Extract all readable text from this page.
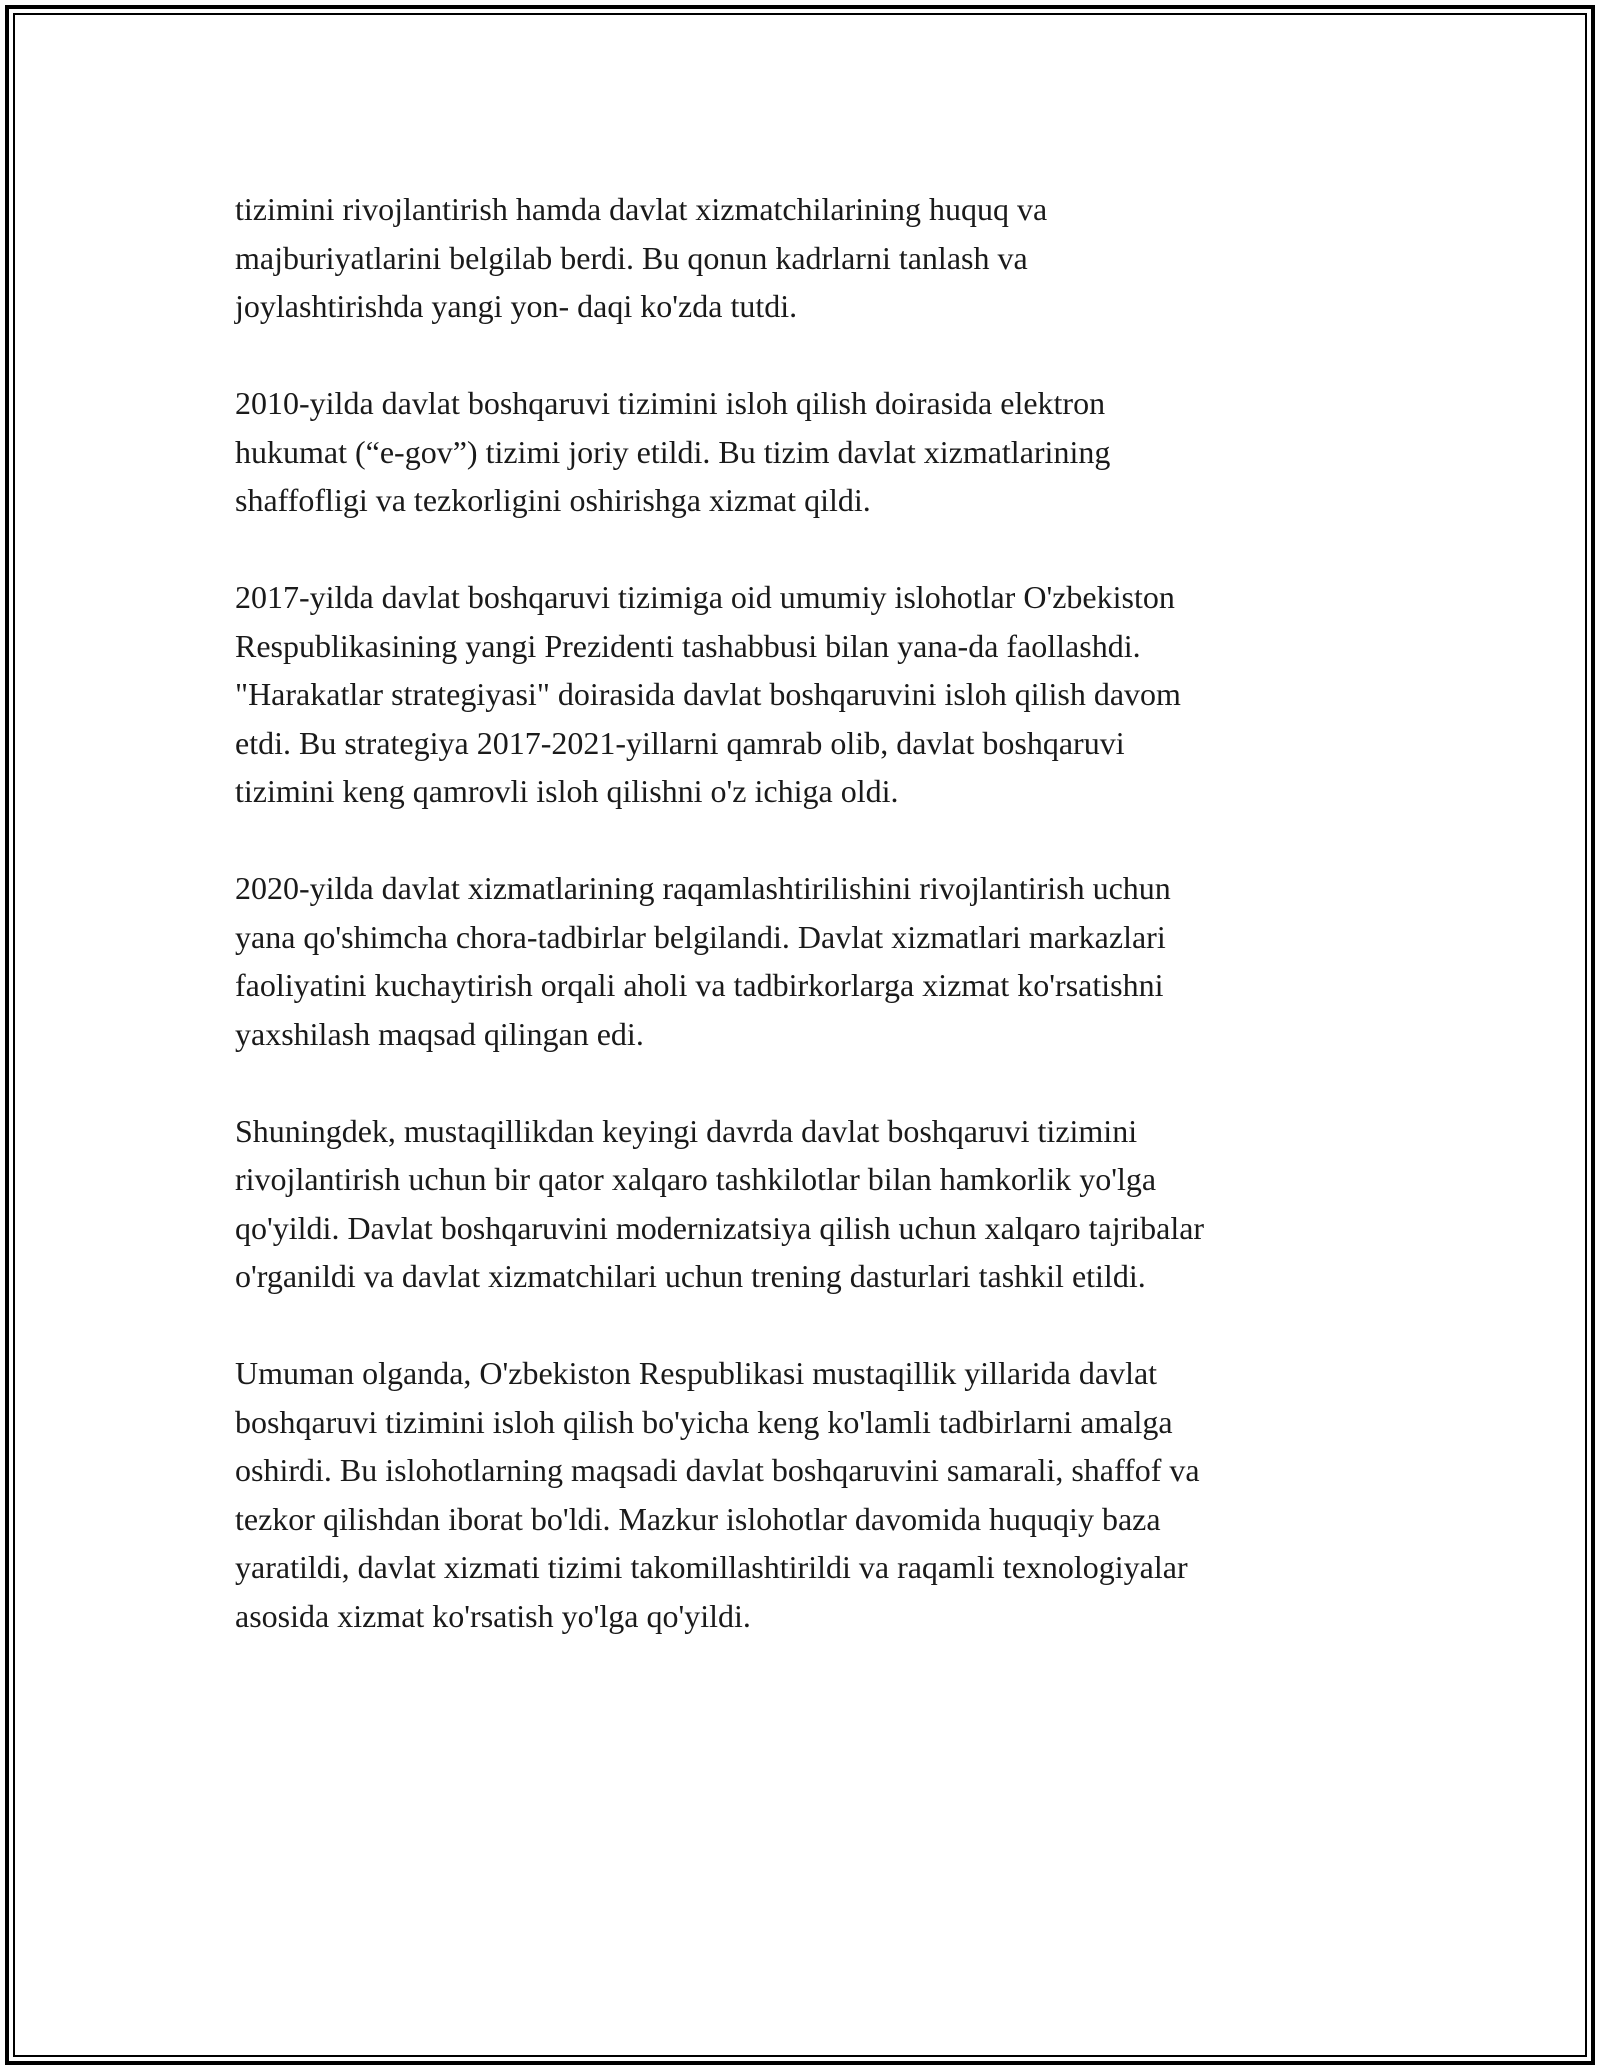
tizimini rivojlantirish hamda davlat xizmatchilarining huquq va
majburiyatlarini belgilab berdi. Bu qonun kadrlarni tanlash va
joylashtirishda yangi yon- daqi ko'zda tutdi.

2010-yilda davlat boshqaruvi tizimini isloh qilish doirasida elektron
hukumat (“e-gov”) tizimi joriy etildi. Bu tizim davlat xizmatlarining
shaffofligi va tezkorligini oshirishga xizmat qildi.

2017-yilda davlat boshqaruvi tizimiga oid umumiy islohotlar O'zbekiston
Respublikasining yangi Prezidenti tashabbusi bilan yana-da faollashdi.
"Harakatlar strategiyasi" doirasida davlat boshqaruvini isloh qilish davom
etdi. Bu strategiya 2017-2021-yillarni qamrab olib, davlat boshqaruvi
tizimini keng qamrovli isloh qilishni o'z ichiga oldi.

2020-yilda davlat xizmatlarining raqamlashtirilishini rivojlantirish uchun
yana qo'shimcha chora-tadbirlar belgilandi. Davlat xizmatlari markazlari
faoliyatini kuchaytirish orqali aholi va tadbirkorlarga xizmat ko'rsatishni
yaxshilash maqsad qilingan edi.

Shuningdek, mustaqillikdan keyingi davrda davlat boshqaruvi tizimini
rivojlantirish uchun bir qator xalqaro tashkilotlar bilan hamkorlik yo'lga
qo'yildi. Davlat boshqaruvini modernizatsiya qilish uchun xalqaro tajribalar
o'rganildi va davlat xizmatchilari uchun trening dasturlari tashkil etildi.

Umuman olganda, O'zbekiston Respublikasi mustaqillik yillarida davlat
boshqaruvi tizimini isloh qilish bo'yicha keng ko'lamli tadbirlarni amalga
oshirdi. Bu islohotlarning maqsadi davlat boshqaruvini samarali, shaffof va
tezkor qilishdan iborat bo'ldi. Mazkur islohotlar davomida huquqiy baza
yaratildi, davlat xizmati tizimi takomillashtirildi va raqamli texnologiyalar
asosida xizmat ko'rsatish yo'lga qo'yildi.
